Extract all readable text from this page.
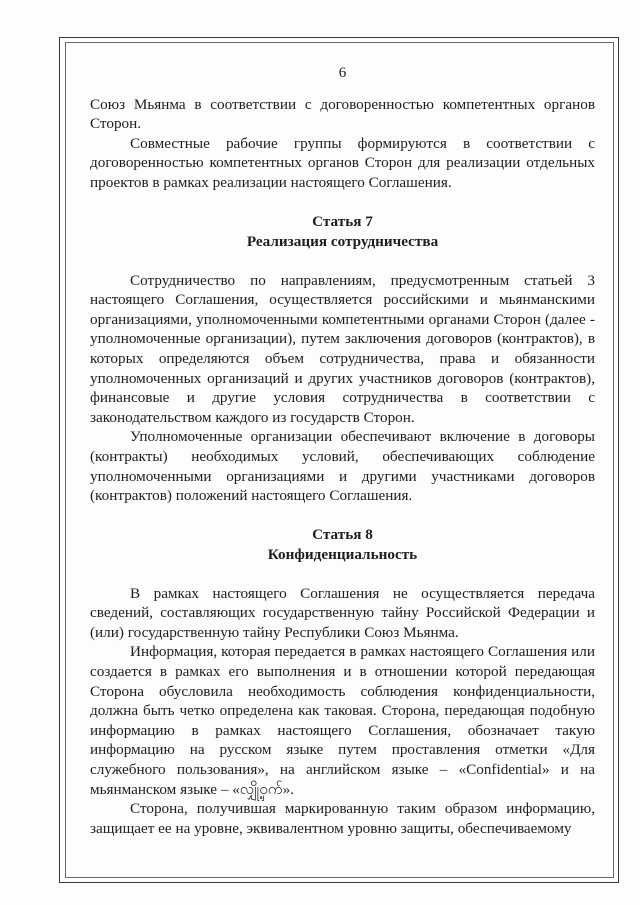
6

Союз Мьянма в соответствии с договоренностью компетентных органов Сторон.

Совместные рабочие группы формируются в соответствии с договоренностью компетентных органов Сторон для реализации отдельных проектов в рамках реализации настоящего Соглашения.

Статья 7
Реализация сотрудничества

Сотрудничество по направлениям, предусмотренным статьей 3 настоящего Соглашения, осуществляется российскими и мьянманскими организациями, уполномоченными компетентными органами Сторон (далее - уполномоченные организации), путем заключения договоров (контрактов), в которых определяются объем сотрудничества, права и обязанности уполномоченных организаций и других участников договоров (контрактов), финансовые и другие условия сотрудничества в соответствии с законодательством каждого из государств Сторон.

Уполномоченные организации обеспечивают включение в договоры (контракты) необходимых условий, обеспечивающих соблюдение уполномоченными организациями и другими участниками договоров (контрактов) положений настоящего Соглашения.

Статья 8
Конфиденциальность

В рамках настоящего Соглашения не осуществляется передача сведений, составляющих государственную тайну Российской Федерации и (или) государственную тайну Республики Союз Мьянма.

Информация, которая передается в рамках настоящего Соглашения или создается в рамках его выполнения и в отношении которой передающая Сторона обусловила необходимость соблюдения конфиденциальности, должна быть четко определена как таковая. Сторона, передающая подобную информацию в рамках настоящего Соглашения, обозначает такую информацию на русском языке путем проставления отметки «Для служебного пользования», на английском языке – «Confidential» и на мьянманском языке – «လျှို့ဝှက်».

Сторона, получившая маркированную таким образом информацию, защищает ее на уровне, эквивалентном уровню защиты, обеспечиваемому
